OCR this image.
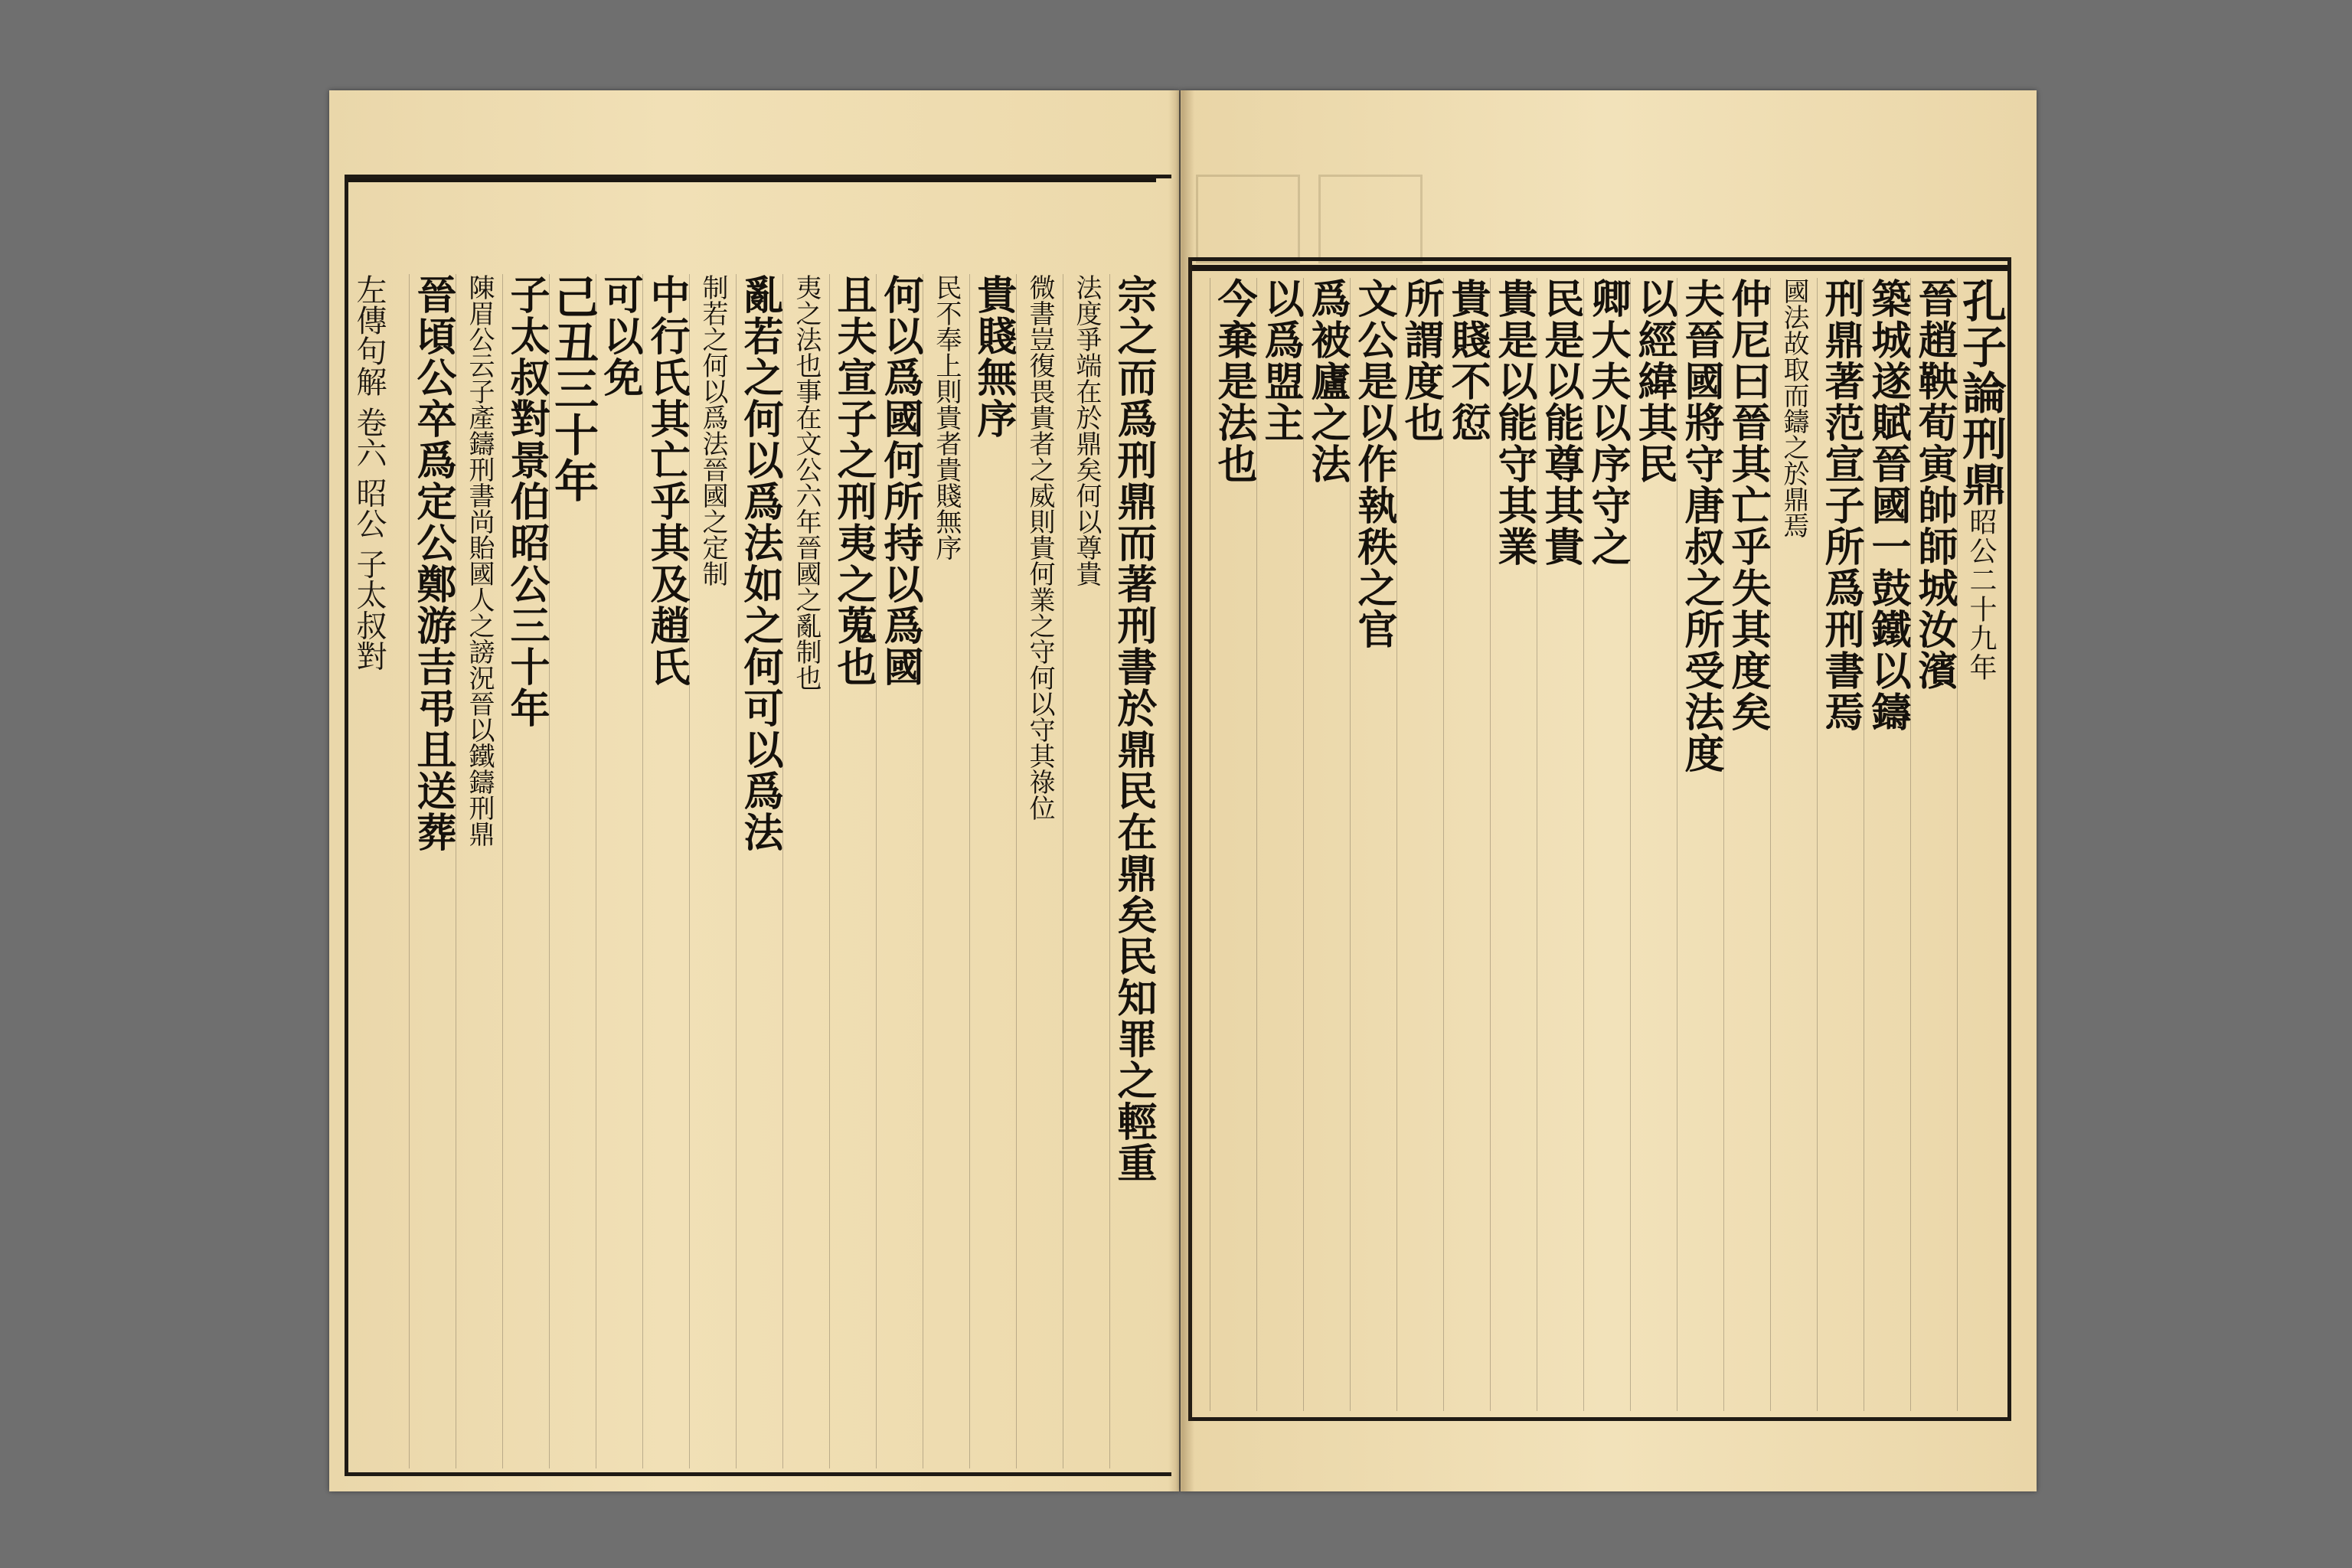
左傳句解 卷六 昭公 子太叔對	宗之而爲刑鼎而著刑書於鼎民在鼎矣民知罪之輕重
法度爭端在於鼎矣何以尊貴
微書豈復畏貴者之威則貴何業之守何以守其祿位
貴賤無序
民不奉上則貴者貴賤無序
何以爲國何所持以爲國
且夫宣子之刑夷之蒐也
夷之法也事在文公六年晉國之亂制也
亂若之何以爲法如之何可以爲法
制若之何以爲法晉國之定制
中行氏其亡乎其及趙氏
可以免
己丑三十年
子太叔對景伯昭公三十年
陳眉公云子產鑄刑書尚貽國人之謗況晉以鐵鑄刑鼎
晉頃公卒爲定公鄭游吉弔且送葬	孔子論刑鼎昭公二十九年
晉趙鞅荀寅帥師城汝濱
築城遂賦晉國一鼓鐵以鑄
刑鼎著范宣子所爲刑書焉
國法故取而鑄之於鼎焉
仲尼曰晉其亡乎失其度矣
夫晉國將守唐叔之所受法度
以經緯其民
卿大夫以序守之
民是以能尊其貴
貴是以能守其業
貴賤不愆
所謂度也
文公是以作執秩之官
爲被廬之法
以爲盟主
今棄是法也
